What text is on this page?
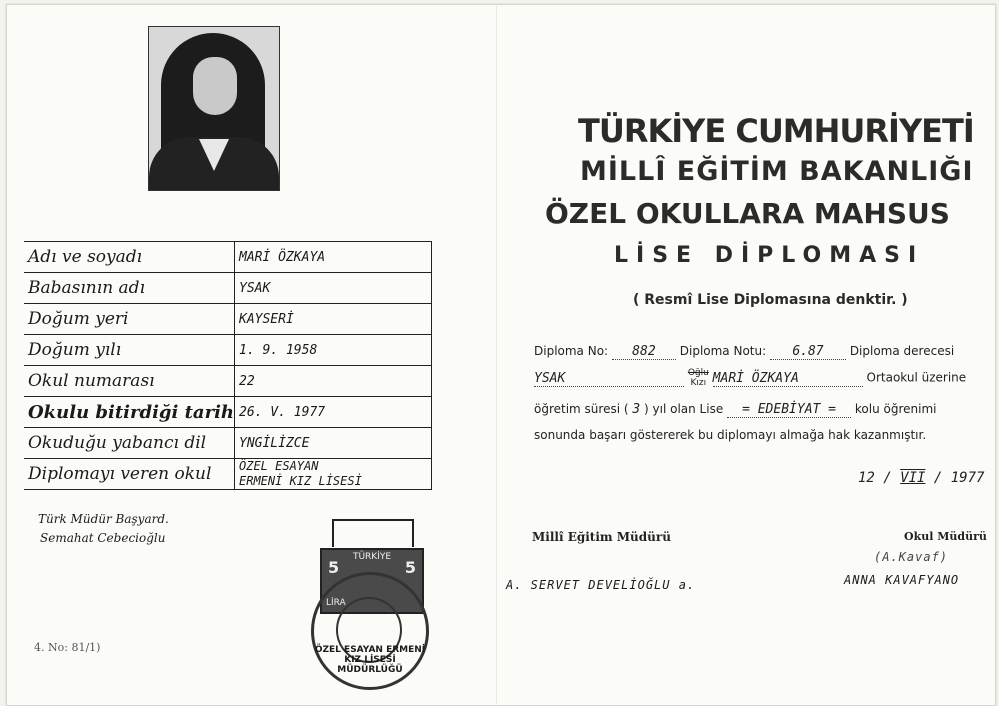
Adı ve soyadı	MARİ ÖZKAYA
Babasının adı	YSAK
Doğum yeri	KAYSERİ
Doğum yılı	1. 9. 1958
Okul numarası	22
Okulu bitirdiği tarih	26. V. 1977
Okuduğu yabancı dil	YNGİLİZCE
Diplomayı veren okul	ÖZEL ESAYAN
ERMENİ KIZ LİSESİ
Türk Müdür Başyard.
Semahat Cebecioğlu
4. No: 81/1)
TÜRKİYE
5	5
LİRA
ÖZEL ESAYAN ERMENİ KIZ LİSESİ MÜDÜRLÜĞÜ
TÜRKİYE CUMHURİYETİ
MİLLÎ EĞİTİM BAKANLIĞI
ÖZEL OKULLARA MAHSUS
LİSE DİPLOMASI
( Resmî Lise Diplomasına denktir. )
Diploma No: 882 Diploma Notu: 6.87 Diploma derecesi
YSAK	Oğlu
Kızı MARİ ÖZKAYA	Ortaokul üzerine
öğretim süresi ( 3 ) yıl olan Lise = EDEBİYAT = kolu öğrenimi
sonunda başarı göstererek bu diplomayı almağa hak kazanmıştır.
12 / VII / 1977
Millî Eğitim Müdürü	Okul Müdürü
(A.Kavaf)
A. SERVET DEVELİOĞLU a.	ANNA KAVAFYANO
